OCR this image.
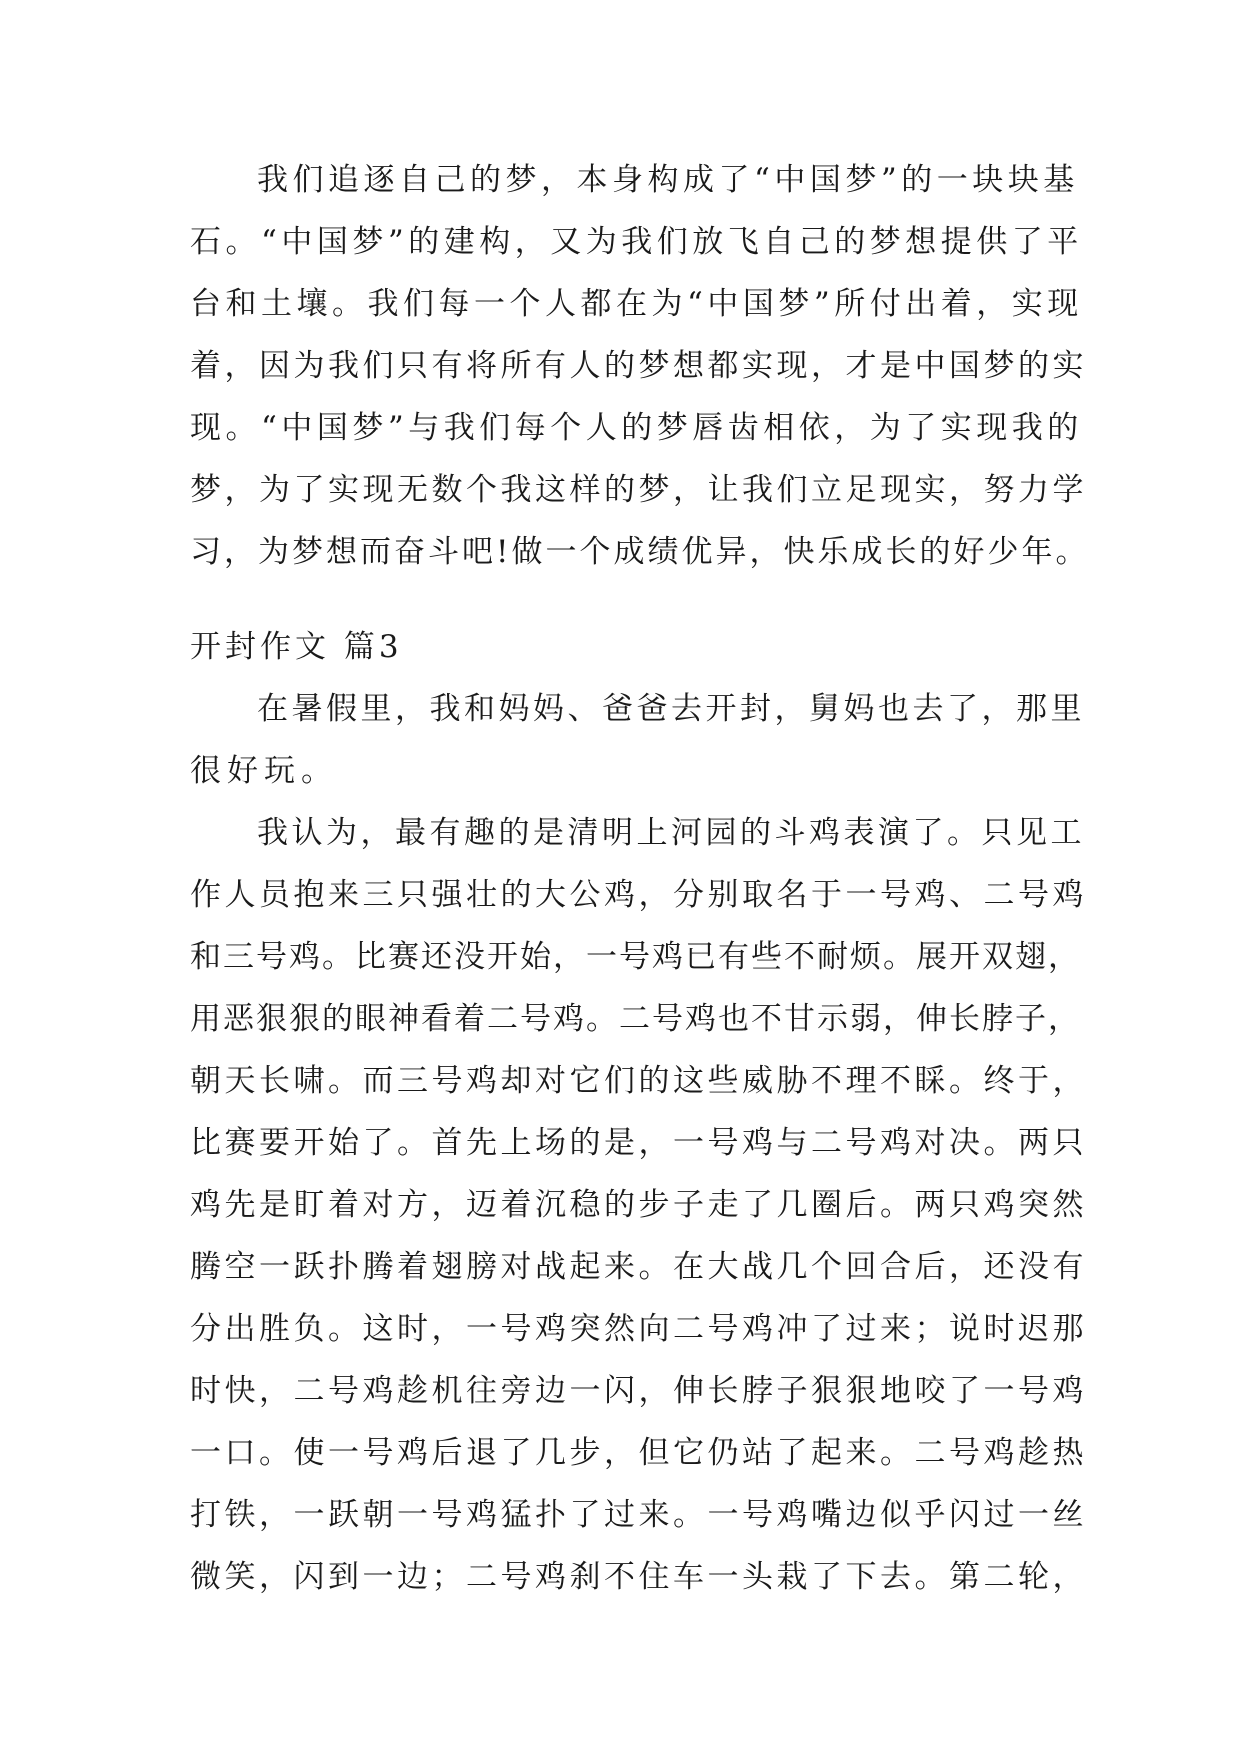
我们追逐自己的梦，本身构成了“中国梦”的一块块基
石。“中国梦”的建构，又为我们放飞自己的梦想提供了平
台和土壤。我们每一个人都在为“中国梦”所付出着，实现
着，因为我们只有将所有人的梦想都实现，才是中国梦的实
现。“中国梦”与我们每个人的梦唇齿相依，为了实现我的
梦，为了实现无数个我这样的梦，让我们立足现实，努力学
习，为梦想而奋斗吧!做一个成绩优异，快乐成长的好少年。
开封作文 篇3
在暑假里，我和妈妈、爸爸去开封，舅妈也去了，那里
很好玩。
我认为，最有趣的是清明上河园的斗鸡表演了。只见工
作人员抱来三只强壮的大公鸡，分别取名于一号鸡、二号鸡
和三号鸡。比赛还没开始，一号鸡已有些不耐烦。展开双翅，
用恶狠狠的眼神看着二号鸡。二号鸡也不甘示弱，伸长脖子，
朝天长啸。而三号鸡却对它们的这些威胁不理不睬。终于，
比赛要开始了。首先上场的是，一号鸡与二号鸡对决。两只
鸡先是盯着对方，迈着沉稳的步子走了几圈后。两只鸡突然
腾空一跃扑腾着翅膀对战起来。在大战几个回合后，还没有
分出胜负。这时，一号鸡突然向二号鸡冲了过来；说时迟那
时快，二号鸡趁机往旁边一闪，伸长脖子狠狠地咬了一号鸡
一口。使一号鸡后退了几步，但它仍站了起来。二号鸡趁热
打铁，一跃朝一号鸡猛扑了过来。一号鸡嘴边似乎闪过一丝
微笑，闪到一边；二号鸡刹不住车一头栽了下去。第二轮，
